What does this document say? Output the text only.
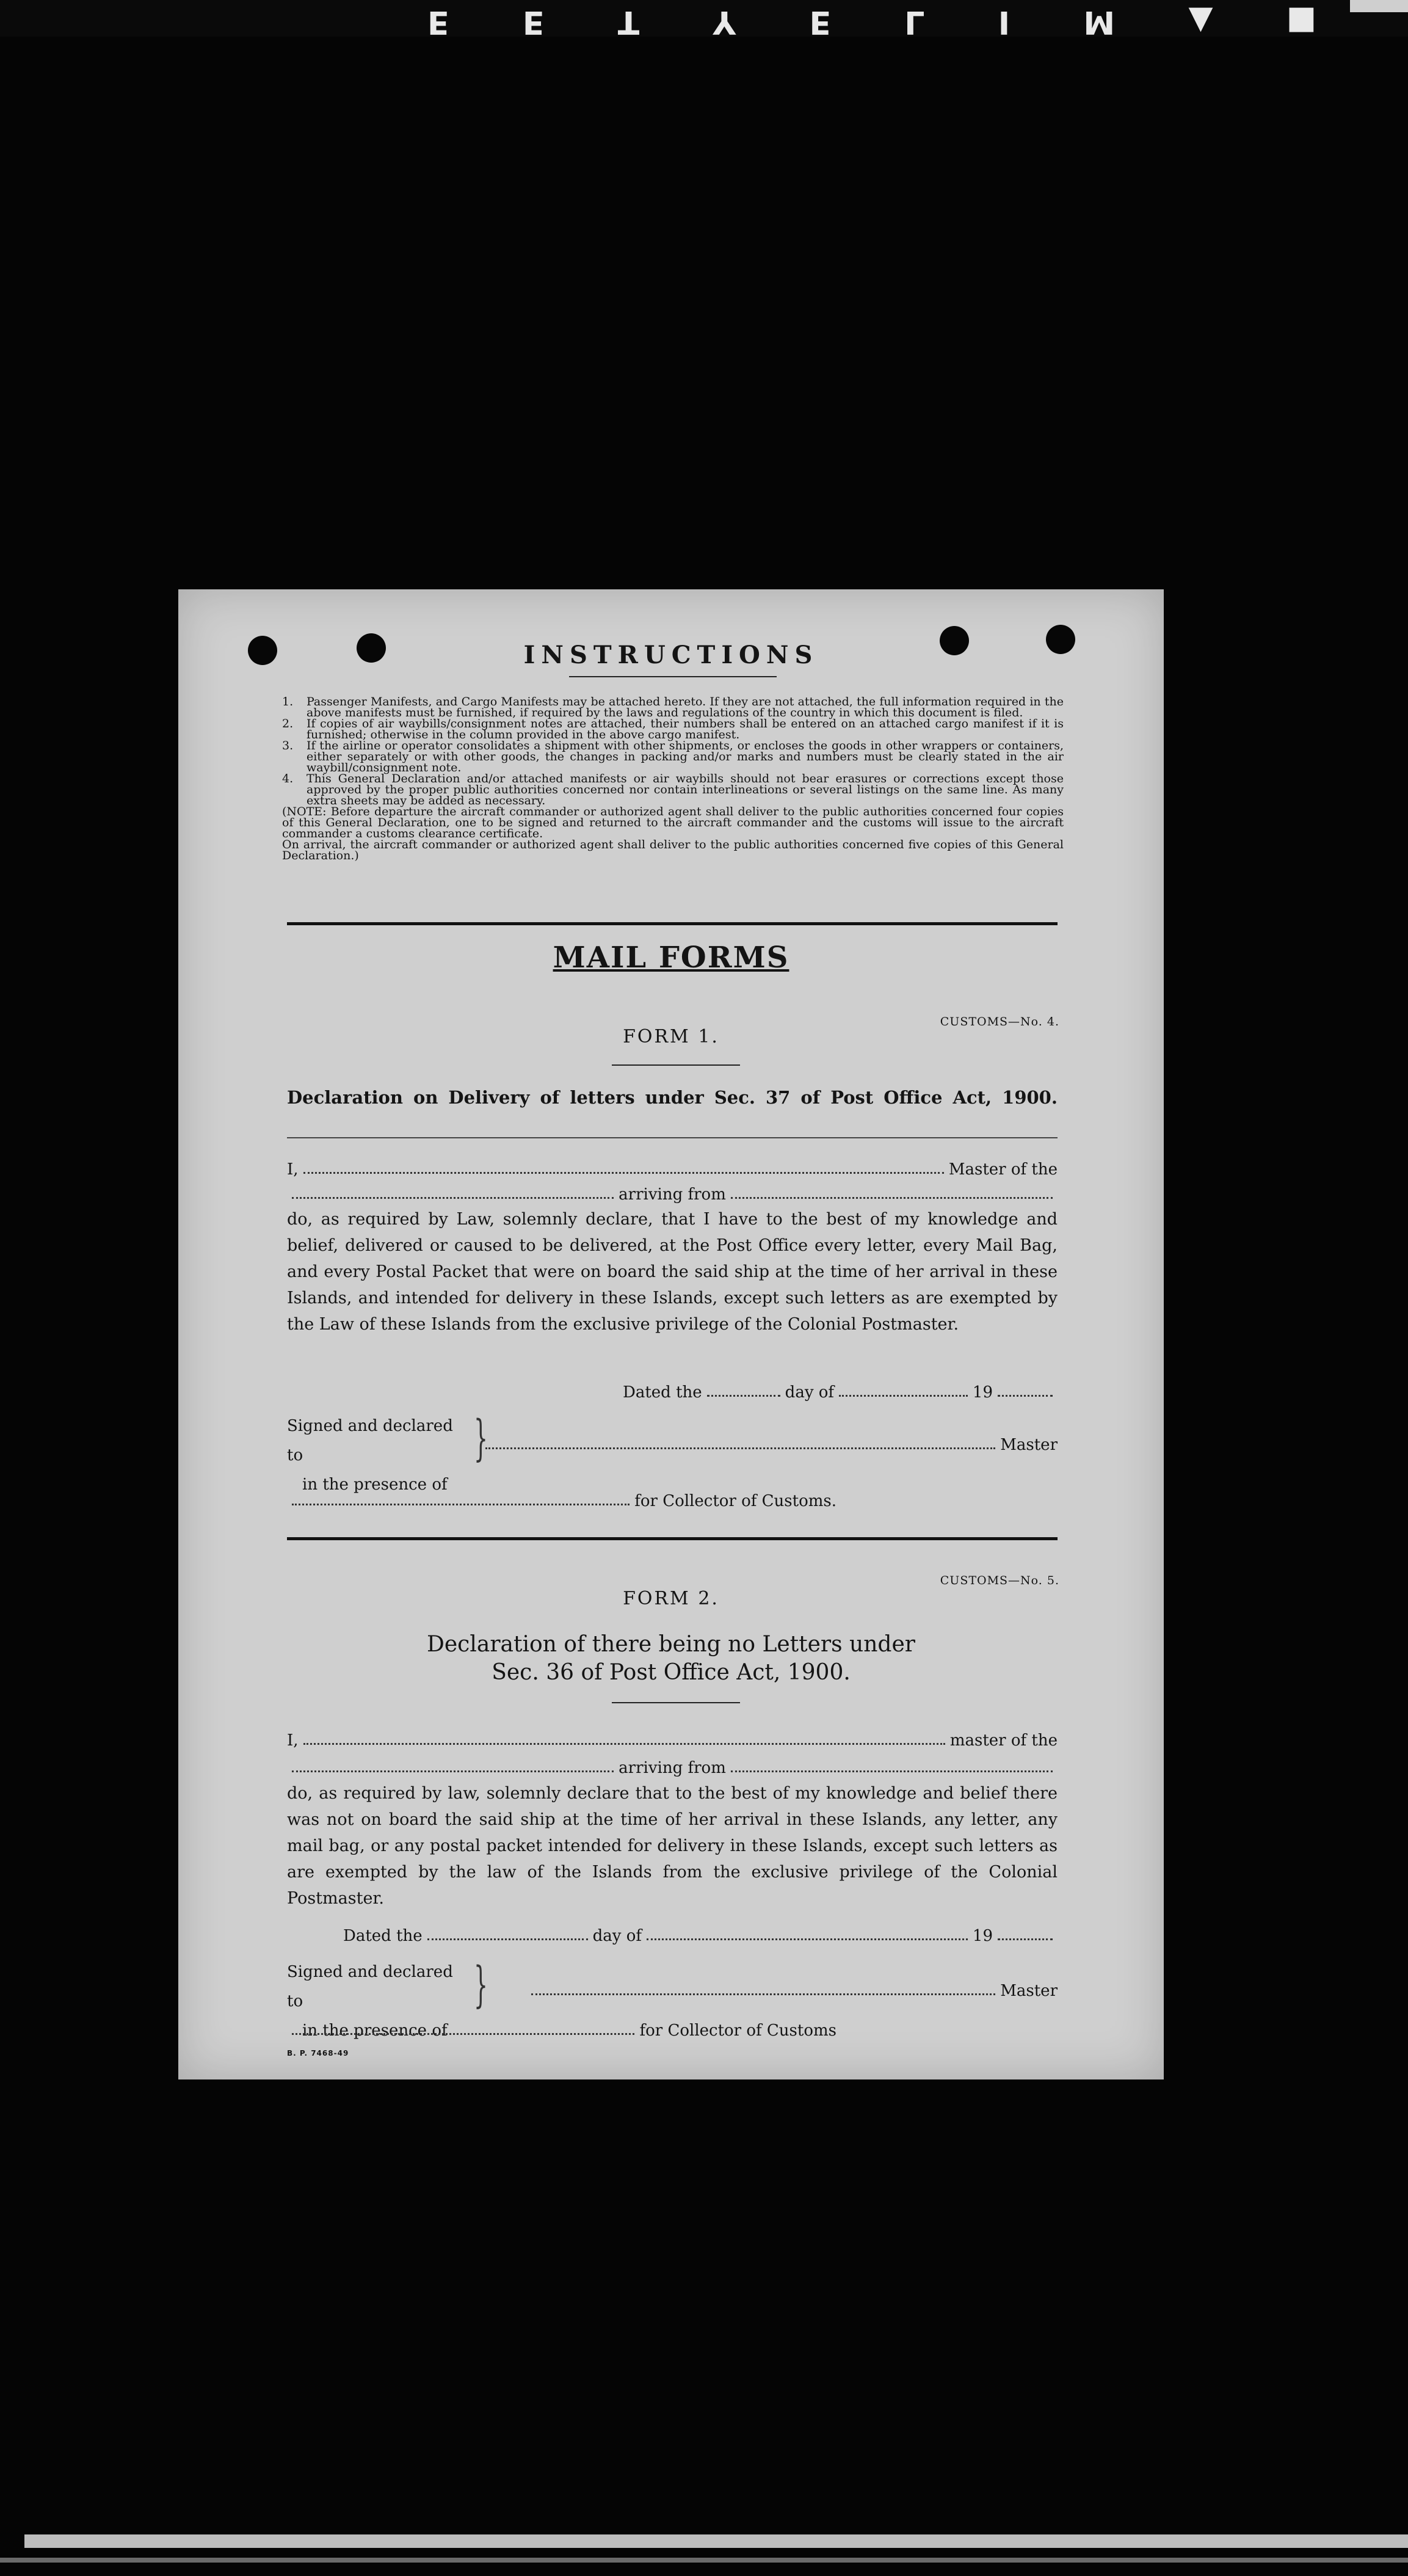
E E T Y E L I M ▲ ■
INSTRUCTIONS
1.	Passenger Manifests, and Cargo Manifests may be attached hereto. If they are not attached, the full information required in the above manifests must be furnished, if required by the laws and regulations of the country in which this document is filed.
2.	If copies of air waybills/consignment notes are attached, their numbers shall be entered on an attached cargo manifest if it is furnished; otherwise in the column provided in the above cargo manifest.
3.	If the airline or operator consolidates a shipment with other shipments, or encloses the goods in other wrappers or containers, either separately or with other goods, the changes in packing and/or marks and numbers must be clearly stated in the air waybill/consignment note.
4.	This General Declaration and/or attached manifests or air waybills should not bear erasures or corrections except those approved by the proper public authorities concerned nor contain interlineations or several listings on the same line. As many extra sheets may be added as necessary.
(NOTE: Before departure the aircraft commander or authorized agent shall deliver to the public authorities concerned four copies of this General Declaration, one to be signed and returned to the aircraft commander and the customs will issue to the aircraft commander a customs clearance certificate.
On arrival, the aircraft commander or authorized agent shall deliver to the public authorities concerned five copies of this General Declaration.)
MAIL FORMS
CUSTOMS—No. 4.
FORM 1.
Declaration on Delivery of letters under Sec. 37 of Post Office Act, 1900.
I,	Master of the
arriving from
do, as required by Law, solemnly declare, that I have to the best of my knowledge and belief, delivered or caused to be delivered, at the Post Office every letter, every Mail Bag, and every Postal Packet that were on board the said ship at the time of her arrival in these Islands, and intended for delivery in these Islands, except such letters as are exempted by the Law of these Islands from the exclusive privilege of the Colonial Postmaster.
Dated the	day of	19
Signed and declared to
in the presence of
}	Master
for Collector of Customs.
CUSTOMS—No. 5.
FORM 2.
Declaration of there being no Letters under
Sec. 36 of Post Office Act, 1900.
I,	master of the
arriving from
do, as required by law, solemnly declare that to the best of my knowledge and belief there was not on board the said ship at the time of her arrival in these Islands, any letter, any mail bag, or any postal packet intended for delivery in these Islands, except such letters as are exempted by the law of the Islands from the exclusive privilege of the Colonial Postmaster.
Dated the	day of	19
Signed and declared to
in the presence of
}	Master
for Collector of Customs
B. P. 7468-49
